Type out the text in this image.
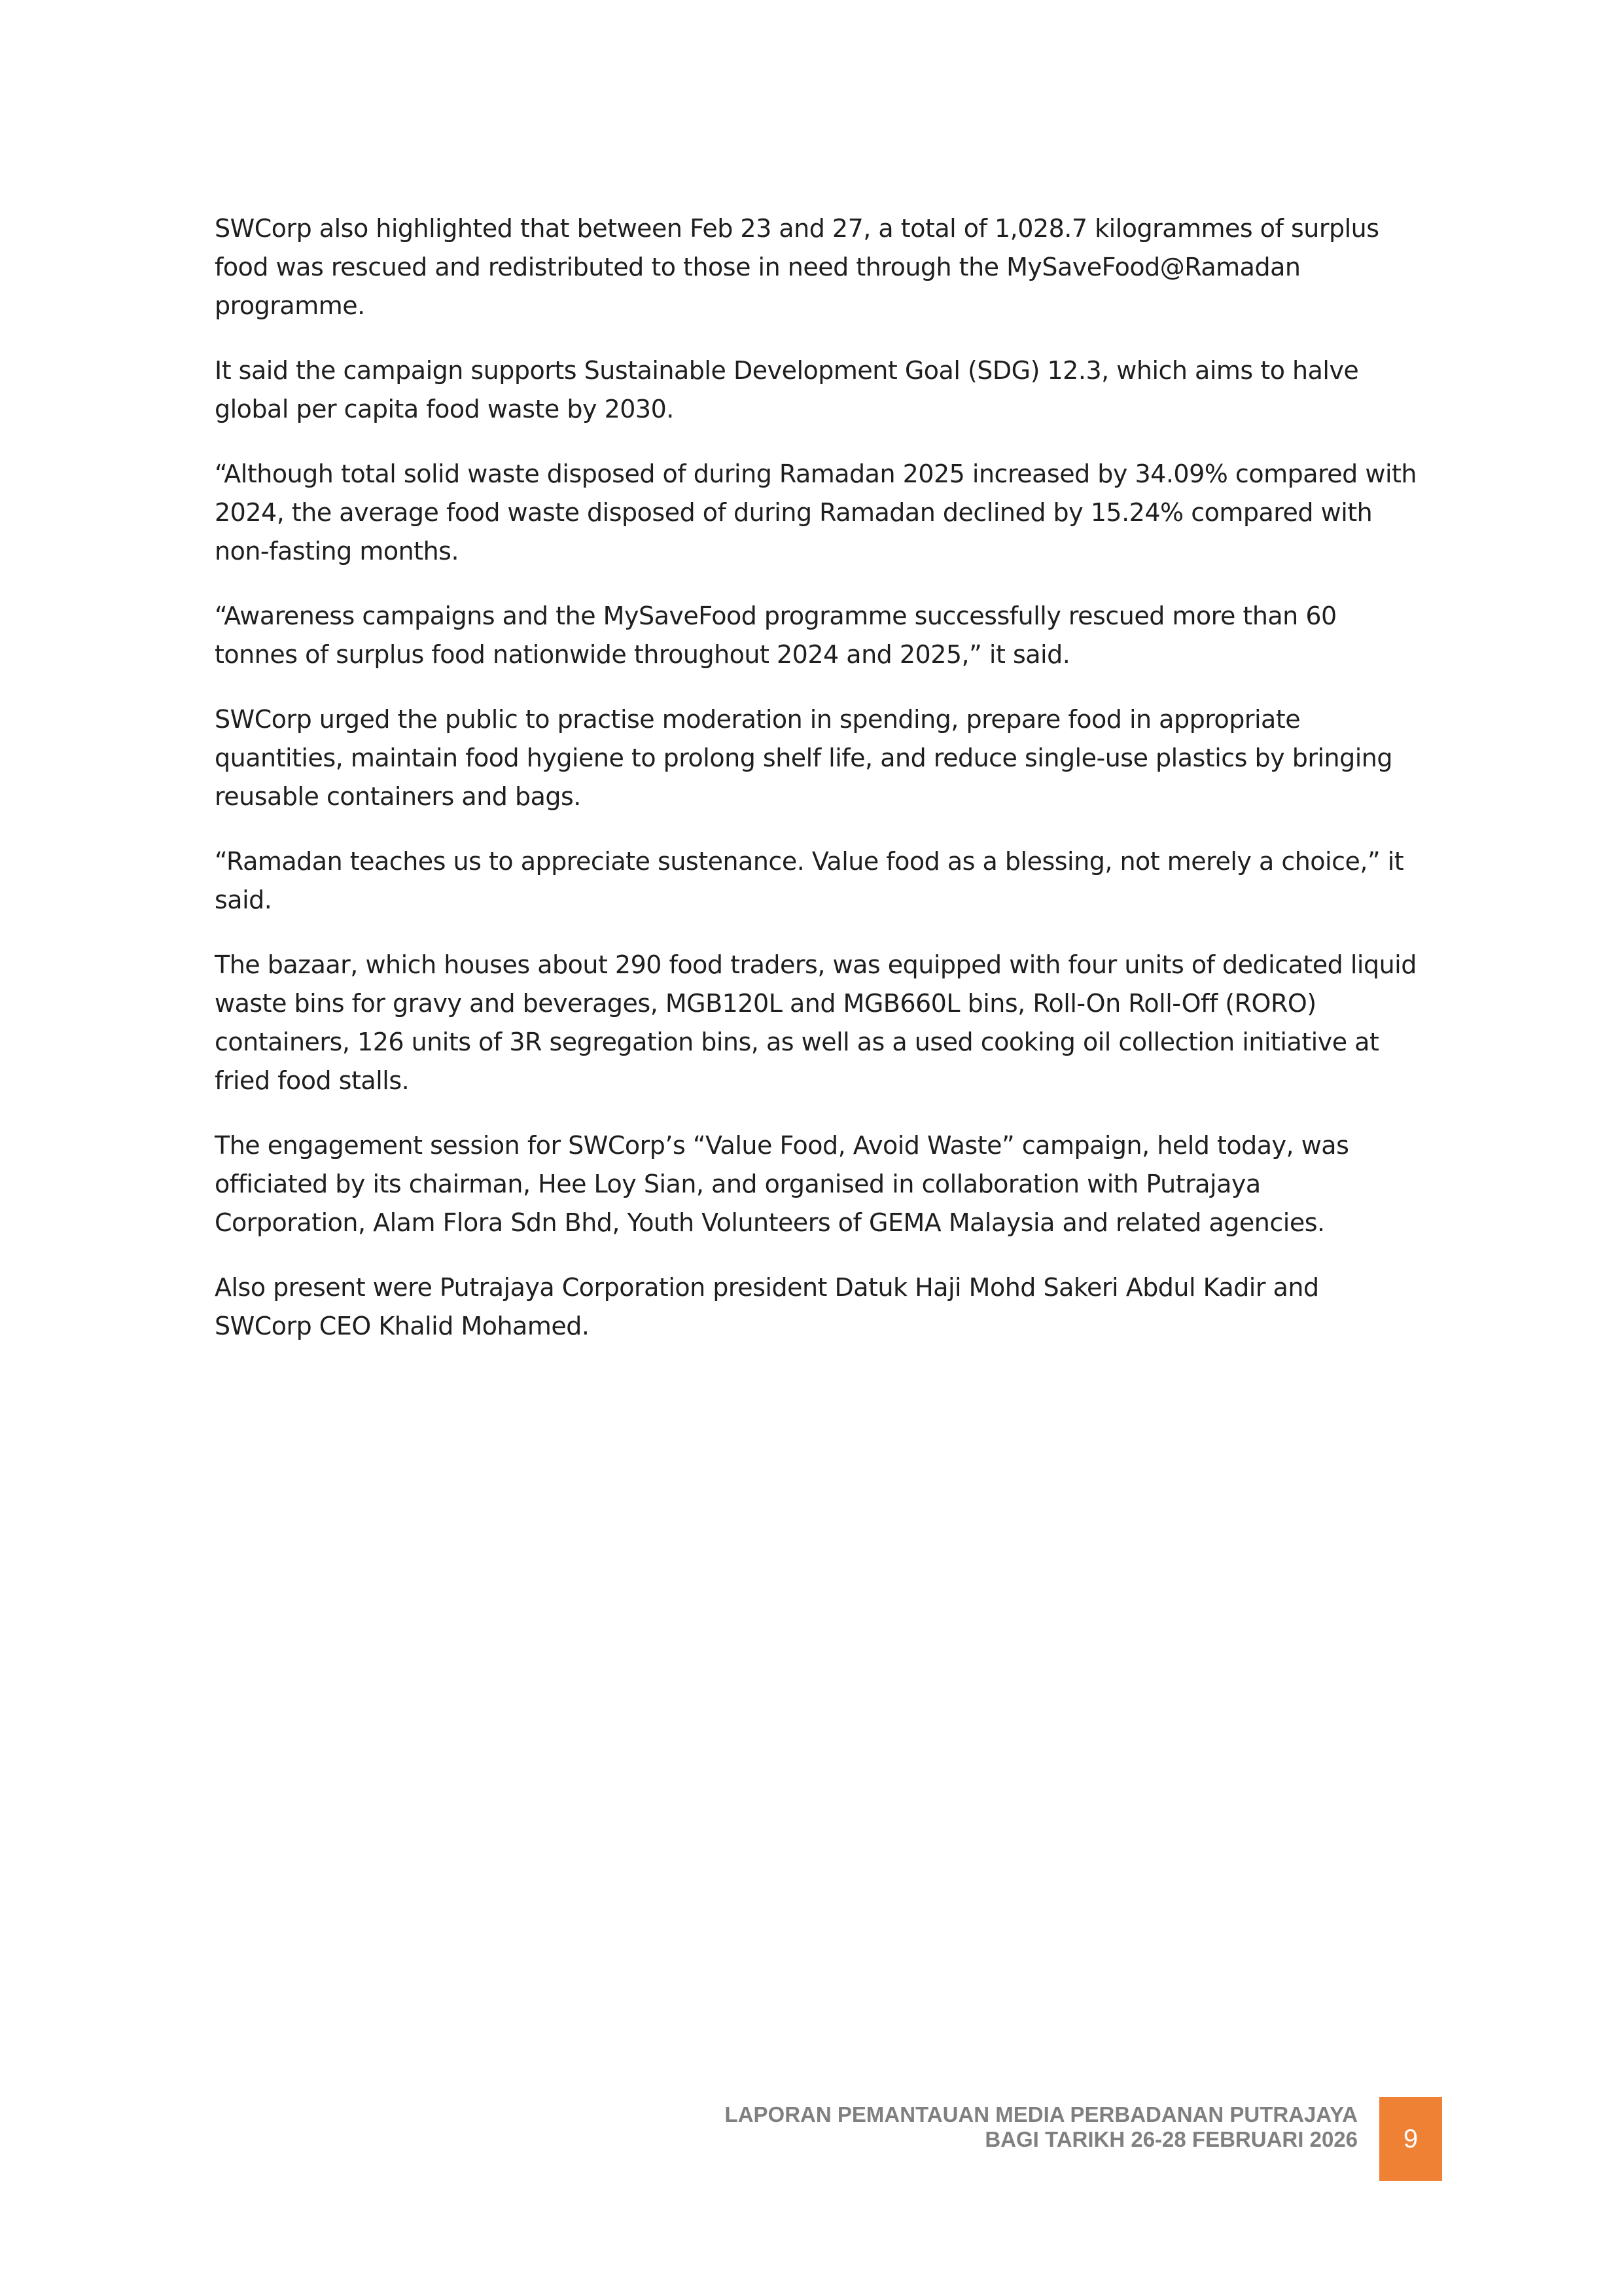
SWCorp also highlighted that between Feb 23 and 27, a total of 1,028.7 kilogrammes of surplus food was rescued and redistributed to those in need through the MySaveFood@Ramadan programme.

It said the campaign supports Sustainable Development Goal (SDG) 12.3, which aims to halve global per capita food waste by 2030.

“Although total solid waste disposed of during Ramadan 2025 increased by 34.09% compared with 2024, the average food waste disposed of during Ramadan declined by 15.24% compared with non-fasting months.

“Awareness campaigns and the MySaveFood programme successfully rescued more than 60 tonnes of surplus food nationwide throughout 2024 and 2025,” it said.

SWCorp urged the public to practise moderation in spending, prepare food in appropriate quantities, maintain food hygiene to prolong shelf life, and reduce single-use plastics by bringing reusable containers and bags.

“Ramadan teaches us to appreciate sustenance. Value food as a blessing, not merely a choice,” it said.

The bazaar, which houses about 290 food traders, was equipped with four units of dedicated liquid waste bins for gravy and beverages, MGB120L and MGB660L bins, Roll-On Roll-Off (RORO) containers, 126 units of 3R segregation bins, as well as a used cooking oil collection initiative at fried food stalls.

The engagement session for SWCorp’s “Value Food, Avoid Waste” campaign, held today, was officiated by its chairman, Hee Loy Sian, and organised in collaboration with Putrajaya Corporation, Alam Flora Sdn Bhd, Youth Volunteers of GEMA Malaysia and related agencies.

Also present were Putrajaya Corporation president Datuk Haji Mohd Sakeri Abdul Kadir and SWCorp CEO Khalid Mohamed.

LAPORAN PEMANTAUAN MEDIA PERBADANAN PUTRAJAYA
BAGI TARIKH 26-28 FEBRUARI 2026	9
